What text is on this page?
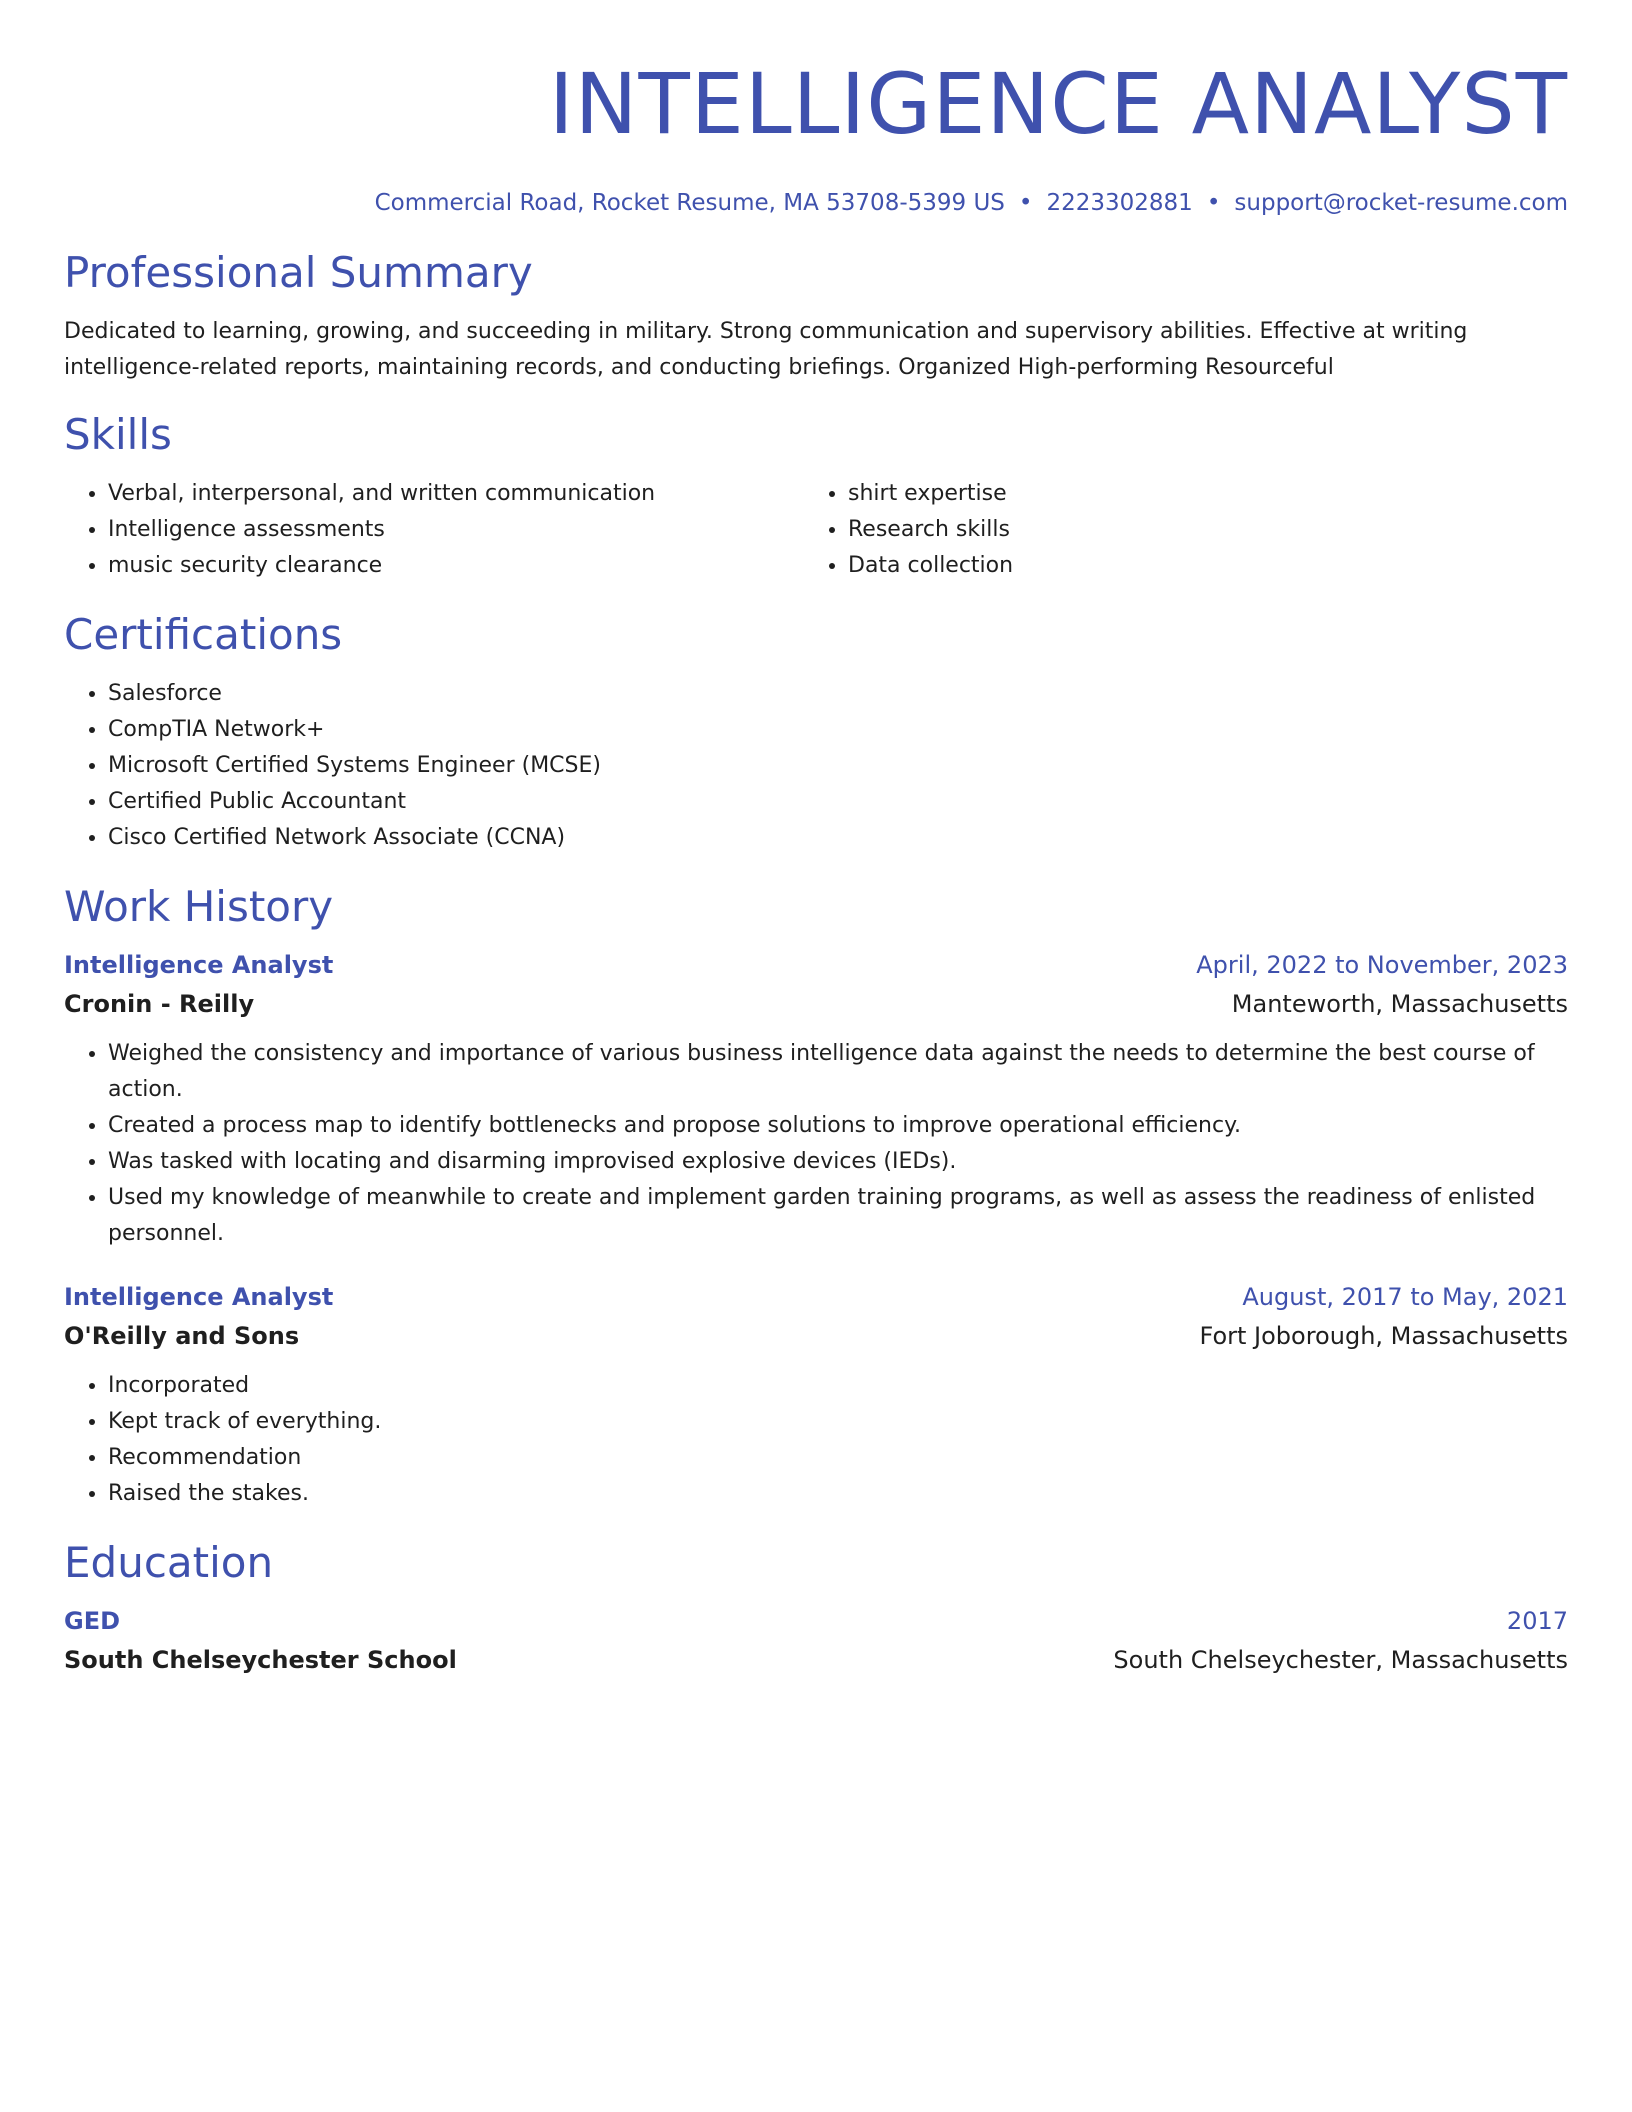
INTELLIGENCE ANALYST
Commercial Road, Rocket Resume, MA 53708-5399 US • 2223302881 • support@rocket-resume.com
Professional Summary

Dedicated to learning, growing, and succeeding in military. Strong communication and supervisory abilities. Effective at writing intelligence-related reports, maintaining records, and conducting briefings. Organized High-performing Resourceful

Skills
• Verbal, interpersonal, and written communication
• Intelligence assessments
• music security clearance
• shirt expertise
• Research skills
• Data collection
Certifications
• Salesforce
• CompTIA Network+
• Microsoft Certified Systems Engineer (MCSE)
• Certified Public Accountant
• Cisco Certified Network Associate (CCNA)
Work History
Intelligence Analyst	April, 2022 to November, 2023
Cronin - Reilly	Manteworth, Massachusetts
• Weighed the consistency and importance of various business intelligence data against the needs to determine the best course of action.
• Created a process map to identify bottlenecks and propose solutions to improve operational efficiency.
• Was tasked with locating and disarming improvised explosive devices (IEDs).
• Used my knowledge of meanwhile to create and implement garden training programs, as well as assess the readiness of enlisted personnel.
Intelligence Analyst	August, 2017 to May, 2021
O'Reilly and Sons	Fort Joborough, Massachusetts
• Incorporated
• Kept track of everything.
• Recommendation
• Raised the stakes.
Education
GED	2017
South Chelseychester School	South Chelseychester, Massachusetts
